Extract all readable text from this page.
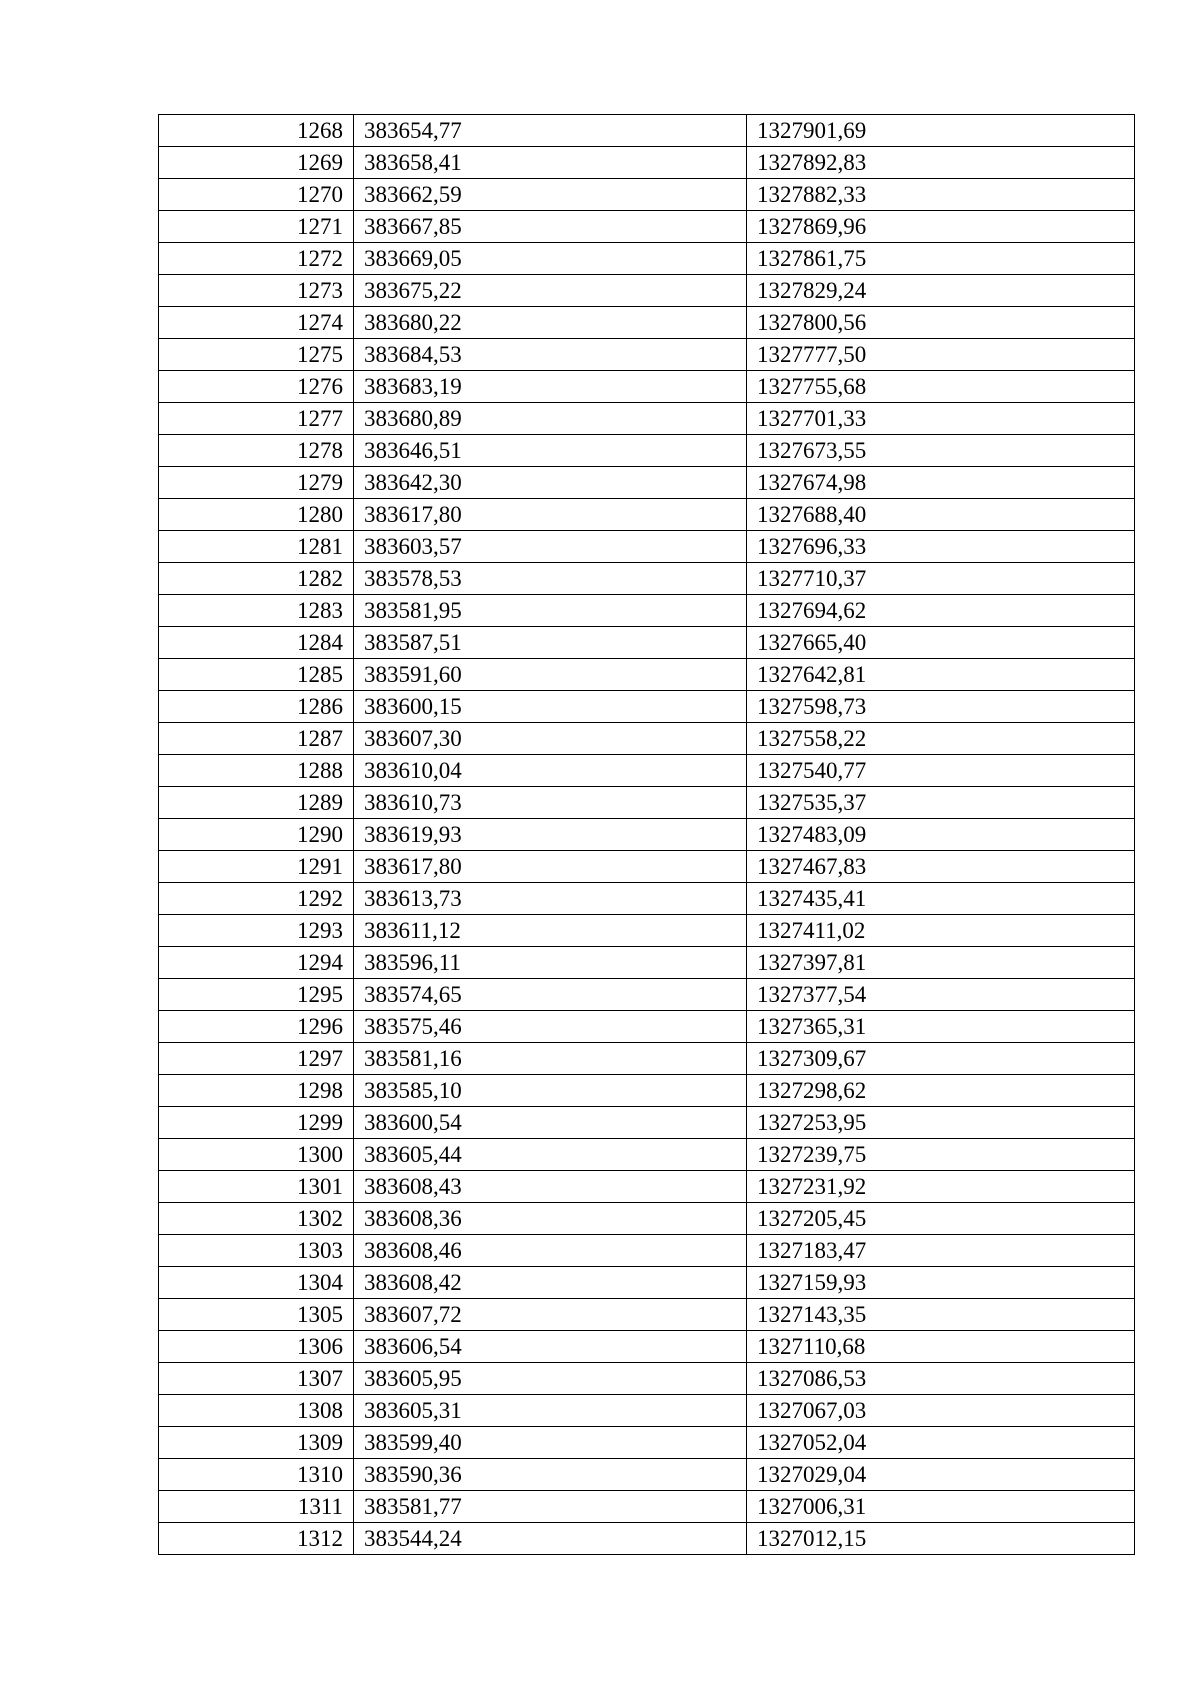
1268	383654,77	1327901,69
1269	383658,41	1327892,83
1270	383662,59	1327882,33
1271	383667,85	1327869,96
1272	383669,05	1327861,75
1273	383675,22	1327829,24
1274	383680,22	1327800,56
1275	383684,53	1327777,50
1276	383683,19	1327755,68
1277	383680,89	1327701,33
1278	383646,51	1327673,55
1279	383642,30	1327674,98
1280	383617,80	1327688,40
1281	383603,57	1327696,33
1282	383578,53	1327710,37
1283	383581,95	1327694,62
1284	383587,51	1327665,40
1285	383591,60	1327642,81
1286	383600,15	1327598,73
1287	383607,30	1327558,22
1288	383610,04	1327540,77
1289	383610,73	1327535,37
1290	383619,93	1327483,09
1291	383617,80	1327467,83
1292	383613,73	1327435,41
1293	383611,12	1327411,02
1294	383596,11	1327397,81
1295	383574,65	1327377,54
1296	383575,46	1327365,31
1297	383581,16	1327309,67
1298	383585,10	1327298,62
1299	383600,54	1327253,95
1300	383605,44	1327239,75
1301	383608,43	1327231,92
1302	383608,36	1327205,45
1303	383608,46	1327183,47
1304	383608,42	1327159,93
1305	383607,72	1327143,35
1306	383606,54	1327110,68
1307	383605,95	1327086,53
1308	383605,31	1327067,03
1309	383599,40	1327052,04
1310	383590,36	1327029,04
1311	383581,77	1327006,31
1312	383544,24	1327012,15
